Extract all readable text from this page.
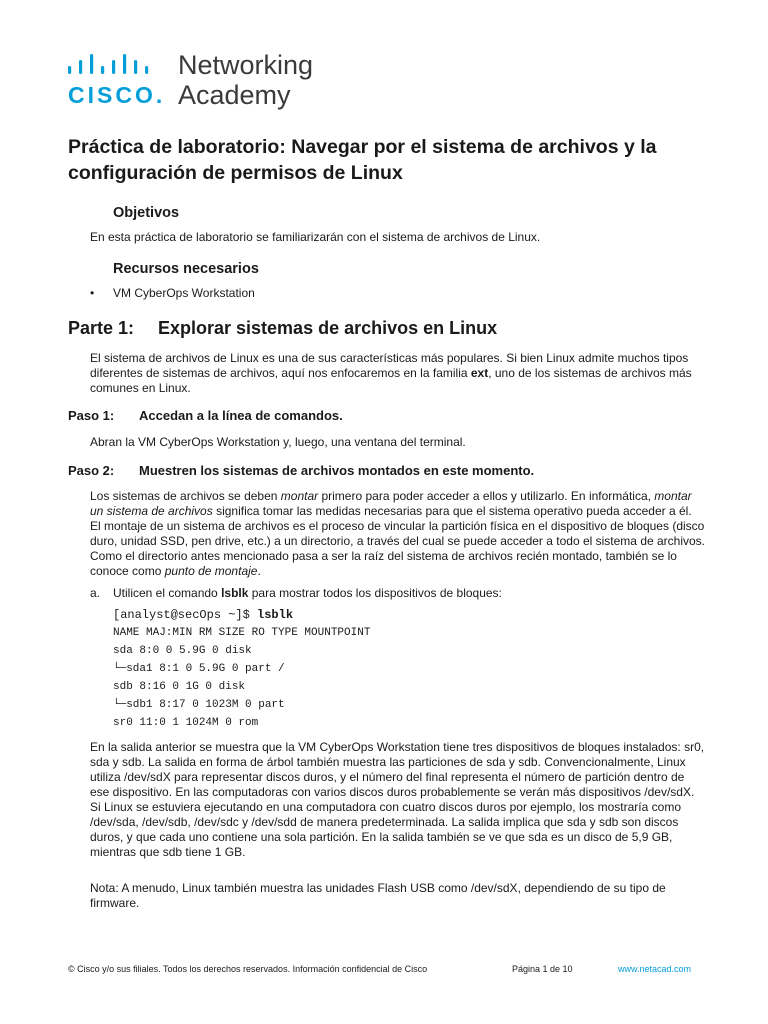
CISCO.
Networking
Academy
Práctica de laboratorio: Navegar por el sistema de archivos y la configuración de permisos de Linux
Objetivos

En esta práctica de laboratorio se familiarizarán con el sistema de archivos de Linux.

Recursos necesarios
• VM CyberOps Workstation
Parte 1: Explorar sistemas de archivos en Linux

El sistema de archivos de Linux es una de sus características más populares. Si bien Linux admite muchos tipos diferentes de sistemas de archivos, aquí nos enfocaremos en la familia ext, uno de los sistemas de archivos más comunes en Linux.

Paso 1: Accedan a la línea de comandos.

Abran la VM CyberOps Workstation y, luego, una ventana del terminal.

Paso 2: Muestren los sistemas de archivos montados en este momento.

Los sistemas de archivos se deben montar primero para poder acceder a ellos y utilizarlo. En informática, montar un sistema de archivos significa tomar las medidas necesarias para que el sistema operativo pueda acceder a él. El montaje de un sistema de archivos es el proceso de vincular la partición física en el dispositivo de bloques (disco duro, unidad SSD, pen drive, etc.) a un directorio, a través del cual se puede acceder a todo el sistema de archivos. Como el directorio antes mencionado pasa a ser la raíz del sistema de archivos recién montado, también se lo conoce como punto de montaje.

a. Utilicen el comando lsblk para mostrar todos los dispositivos de bloques:
[analyst@secOps ~]$ lsblk
NAME MAJ:MIN RM SIZE RO TYPE MOUNTPOINT
sda 8:0 0 5.9G 0 disk
└─sda1 8:1 0 5.9G 0 part /
sdb 8:16 0 1G 0 disk
└─sdb1 8:17 0 1023M 0 part
sr0 11:0 1 1024M 0 rom

En la salida anterior se muestra que la VM CyberOps Workstation tiene tres dispositivos de bloques instalados: sr0, sda y sdb. La salida en forma de árbol también muestra las particiones de sda y sdb. Convencionalmente, Linux utiliza /dev/sdX para representar discos duros, y el número del final representa el número de partición dentro de ese dispositivo. En las computadoras con varios discos duros probablemente se verán más dispositivos /dev/sdX. Si Linux se estuviera ejecutando en una computadora con cuatro discos duros por ejemplo, los mostraría como /dev/sda, /dev/sdb, /dev/sdc y /dev/sdd de manera predeterminada. La salida implica que sda y sdb son discos duros, y que cada uno contiene una sola partición. En la salida también se ve que sda es un disco de 5,9 GB, mientras que sdb tiene 1 GB.

Nota: A menudo, Linux también muestra las unidades Flash USB como /dev/sdX, dependiendo de su tipo de firmware.

© Cisco y/o sus filiales. Todos los derechos reservados. Información confidencial de Cisco	Página 1 de 10	www.netacad.com
